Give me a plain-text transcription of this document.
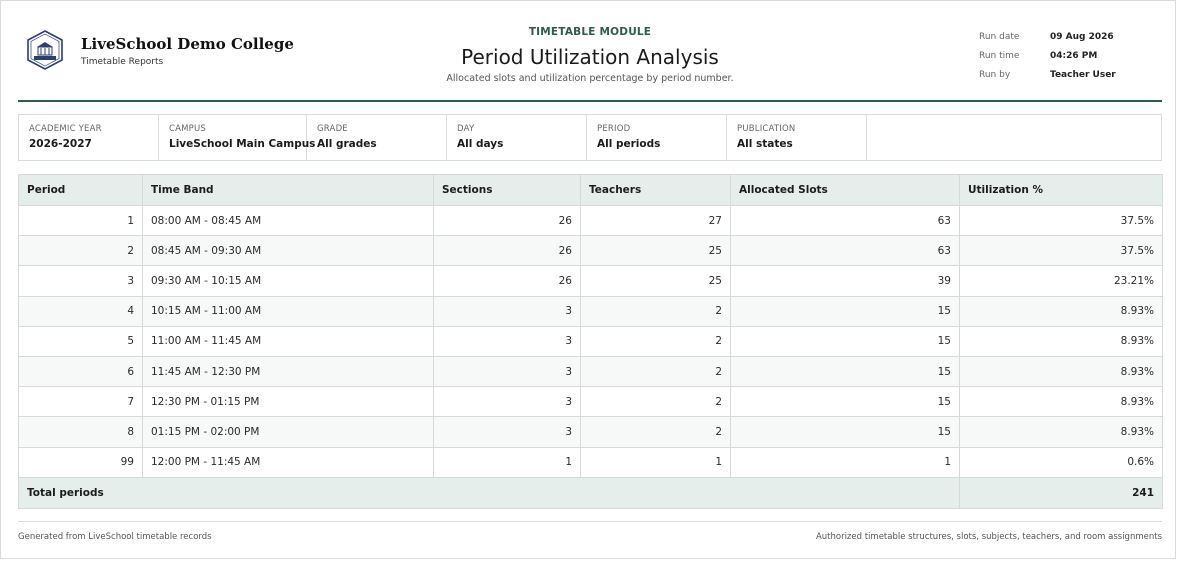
LiveSchool Demo College
Timetable Reports
TIMETABLE MODULE
Period Utilization Analysis
Allocated slots and utilization percentage by period number.
Run date	09 Aug 2026
Run time	04:26 PM
Run by	Teacher User
ACADEMIC YEAR
2026-2027
CAMPUS
LiveSchool Main Campus
GRADE
All grades
DAY
All days
PERIOD
All periods
PUBLICATION
All states
Period	Time Band	Sections	Teachers	Allocated Slots	Utilization %
1	08:00 AM - 08:45 AM	26	27	63	37.5%
2	08:45 AM - 09:30 AM	26	25	63	37.5%
3	09:30 AM - 10:15 AM	26	25	39	23.21%
4	10:15 AM - 11:00 AM	3	2	15	8.93%
5	11:00 AM - 11:45 AM	3	2	15	8.93%
6	11:45 AM - 12:30 PM	3	2	15	8.93%
7	12:30 PM - 01:15 PM	3	2	15	8.93%
8	01:15 PM - 02:00 PM	3	2	15	8.93%
99	12:00 PM - 11:45 AM	1	1	1	0.6%
Total periods					241
Generated from LiveSchool timetable records	Authorized timetable structures, slots, subjects, teachers, and room assignments
